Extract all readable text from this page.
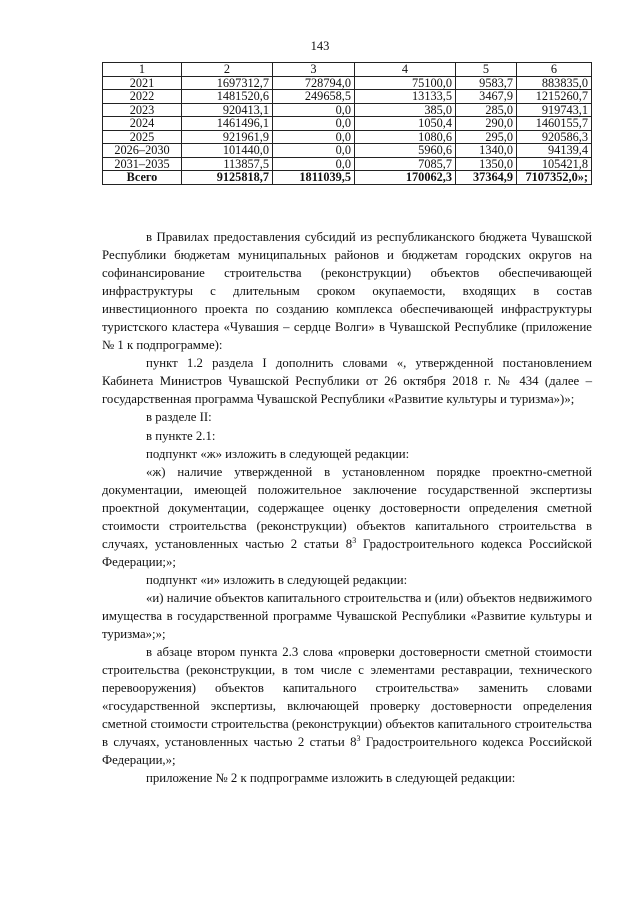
143
1	2	3	4	5	6
2021	1697312,7	728794,0	75100,0	9583,7	883835,0
2022	1481520,6	249658,5	13133,5	3467,9	1215260,7
2023	920413,1	0,0	385,0	285,0	919743,1
2024	1461496,1	0,0	1050,4	290,0	1460155,7
2025	921961,9	0,0	1080,6	295,0	920586,3
2026–2030	101440,0	0,0	5960,6	1340,0	94139,4
2031–2035	113857,5	0,0	7085,7	1350,0	105421,8
Всего	9125818,7	1811039,5	170062,3	37364,9	7107352,0»;

в Правилах предоставления субсидий из республиканского бюджета Чувашской Республики бюджетам муниципальных районов и бюджетам городских округов на софинансирование строительства (реконструкции) объектов обеспечивающей инфраструктуры с длительным сроком окупаемости, входящих в состав инвестиционного проекта по созданию комплекса обеспечивающей инфраструктуры туристского кластера «Чувашия – сердце Волги» в Чувашской Республике (приложение № 1 к подпрограмме):

пункт 1.2 раздела I дополнить словами «, утвержденной постановлением Кабинета Министров Чувашской Республики от 26 октября 2018 г. № 434 (далее – государственная программа Чувашской Республики «Развитие культуры и туризма»)»;

в разделе II:

в пункте 2.1:

подпункт «ж» изложить в следующей редакции:

«ж) наличие утвержденной в установленном порядке проектно-сметной документации, имеющей положительное заключение государственной экспертизы проектной документации, содержащее оценку достоверности определения сметной стоимости строительства (реконструкции) объектов капитального строительства в случаях, установленных частью 2 статьи $8^3$ Градостроительного кодекса Российской Федерации;»;

подпункт «и» изложить в следующей редакции:

«и) наличие объектов капитального строительства и (или) объектов недвижимого имущества в государственной программе Чувашской Республики «Развитие культуры и туризма»;»;

в абзаце втором пункта 2.3 слова «проверки достоверности сметной стоимости строительства (реконструкции, в том числе с элементами реставрации, технического перевооружения) объектов капитального строительства» заменить словами «государственной экспертизы, включающей проверку достоверности определения сметной стоимости строительства (реконструкции) объектов капитального строительства в случаях, установленных частью 2 статьи $8^3$ Градостроительного кодекса Российской Федерации,»;

приложение № 2 к подпрограмме изложить в следующей редакции:
